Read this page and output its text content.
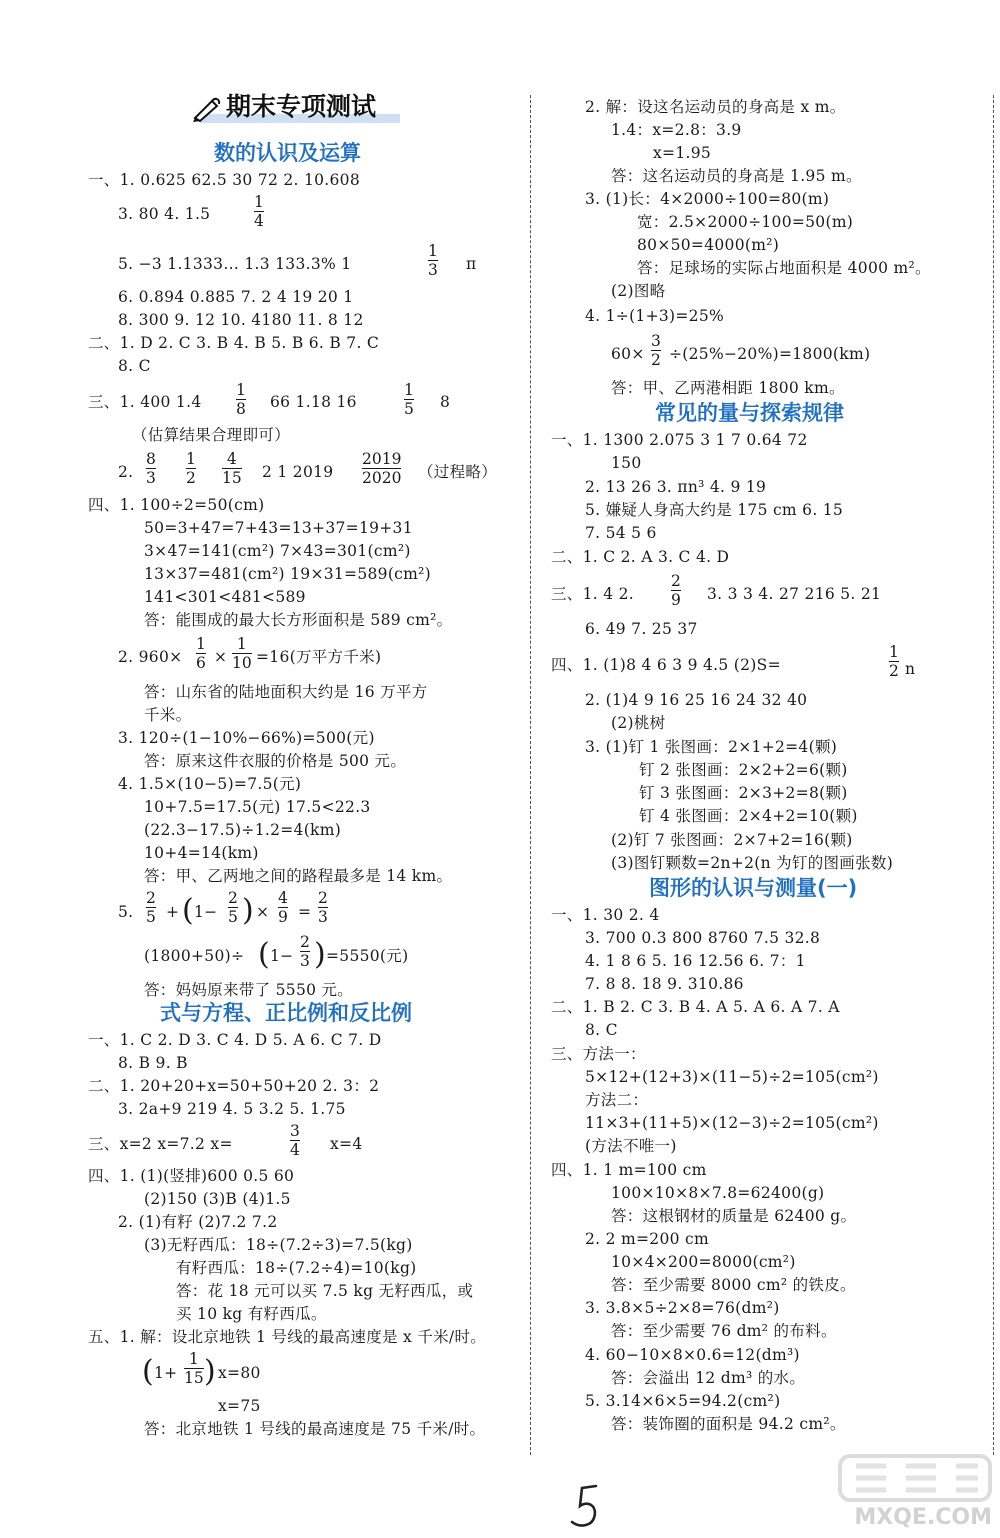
期末专项测试
数的认识及运算
一、1. 0.625 62.5 30 72 2. 10.608
3. 80 4. 1.5
1
4
5. −3 1.1333… 1.3 133.3% 1
1
3 π
6. 0.894 0.885 7. 2 4 19 20 1
8. 300 9. 12 10. 4180 11. 8 12
二、1. D 2. C 3. B 4. B 5. B 6. B 7. C
8. C
三、1. 400 1.4
1
8 66 1.18 16
1
5 8
（估算结果合理即可）
2.
8
3
1
2
4
15 2 1 2019
2019
2020 （过程略）
四、1. 100÷2=50(cm)
50=3+47=7+43=13+37=19+31
3×47=141(cm²) 7×43=301(cm²)
13×37=481(cm²) 19×31=589(cm²)
141<301<481<589
答：能围成的最大长方形面积是 589 cm²。
2. 960×
1
6 ×
1
10 =16(万平方千米)
答：山东省的陆地面积大约是 16 万平方
千米。
3. 120÷(1−10%−66%)=500(元)
答：原来这件衣服的价格是 500 元。
4. 1.5×(10−5)=7.5(元)
10+7.5=17.5(元) 17.5<22.3
(22.3−17.5)÷1.2=4(km)
10+4=14(km)
答：甲、乙两地之间的路程最多是 14 km。
5.
2
5 + ( 1−
2
5 ) ×
4
9 =
2
3
(1800+50)÷ ( 1−
2
3 ) =5550(元)
答：妈妈原来带了 5550 元。
式与方程、正比例和反比例
一、1. C 2. D 3. C 4. D 5. A 6. C 7. D
8. B 9. B
二、1. 20+20+x=50+50+20 2. 3：2
3. 2a+9 219 4. 5 3.2 5. 1.75
三、x=2 x=7.2 x=
3
4 x=4
四、1. (1)(竖排)600 0.5 60
(2)150 (3)B (4)1.5
2. (1)有籽 (2)7.2 7.2
(3)无籽西瓜：18÷(7.2÷3)=7.5(kg)
有籽西瓜：18÷(7.2÷4)=10(kg)
答：花 18 元可以买 7.5 kg 无籽西瓜，或
买 10 kg 有籽西瓜。
五、1. 解：设北京地铁 1 号线的最高速度是 x 千米/时。
( 1+
1
15 ) x=80
x=75
答：北京地铁 1 号线的最高速度是 75 千米/时。
2. 解：设这名运动员的身高是 x m。
1.4：x=2.8：3.9
x=1.95
答：这名运动员的身高是 1.95 m。
3. (1)长：4×2000÷100=80(m)
宽：2.5×2000÷100=50(m)
80×50=4000(m²)
答：足球场的实际占地面积是 4000 m²。
(2)图略
4. 1÷(1+3)=25%
60×
3
2 ÷(25%−20%)=1800(km)
答：甲、乙两港相距 1800 km。
常见的量与探索规律
一、1. 1300 2.075 3 1 7 0.64 72
150
2. 13 26 3. πn³ 4. 9 19
5. 嫌疑人身高大约是 175 cm 6. 15
7. 54 5 6
二、1. C 2. A 3. C 4. D
三、1. 4 2.
2
9 3. 3 3 4. 27 216 5. 21
6. 49 7. 25 37
四、1. (1)8 4 6 3 9 4.5 (2)S=
1
2 n
2. (1)4 9 16 25 16 24 32 40
(2)桃树
3. (1)钉 1 张图画：2×1+2=4(颗)
钉 2 张图画：2×2+2=6(颗)
钉 3 张图画：2×3+2=8(颗)
钉 4 张图画：2×4+2=10(颗)
(2)钉 7 张图画：2×7+2=16(颗)
(3)图钉颗数=2n+2(n 为钉的图画张数)
图形的认识与测量(一)
一、1. 30 2. 4
3. 700 0.3 800 8760 7.5 32.8
4. 1 8 6 5. 16 12.56 6. 7：1
7. 8 8. 18 9. 310.86
二、1. B 2. C 3. B 4. A 5. A 6. A 7. A
8. C
三、方法一：
5×12+(12+3)×(11−5)÷2=105(cm²)
方法二：
11×3+(11+5)×(12−3)÷2=105(cm²)
(方法不唯一)
四、1. 1 m=100 cm
100×10×8×7.8=62400(g)
答：这根钢材的质量是 62400 g。
2. 2 m=200 cm
10×4×200=8000(cm²)
答：至少需要 8000 cm² 的铁皮。
3. 3.8×5÷2×8=76(dm²)
答：至少需要 76 dm² 的布料。
4. 60−10×8×0.6=12(dm³)
答：会溢出 12 dm³ 的水。
5. 3.14×6×5=94.2(cm²)
答：装饰圈的面积是 94.2 cm²。
MXQE.COM
